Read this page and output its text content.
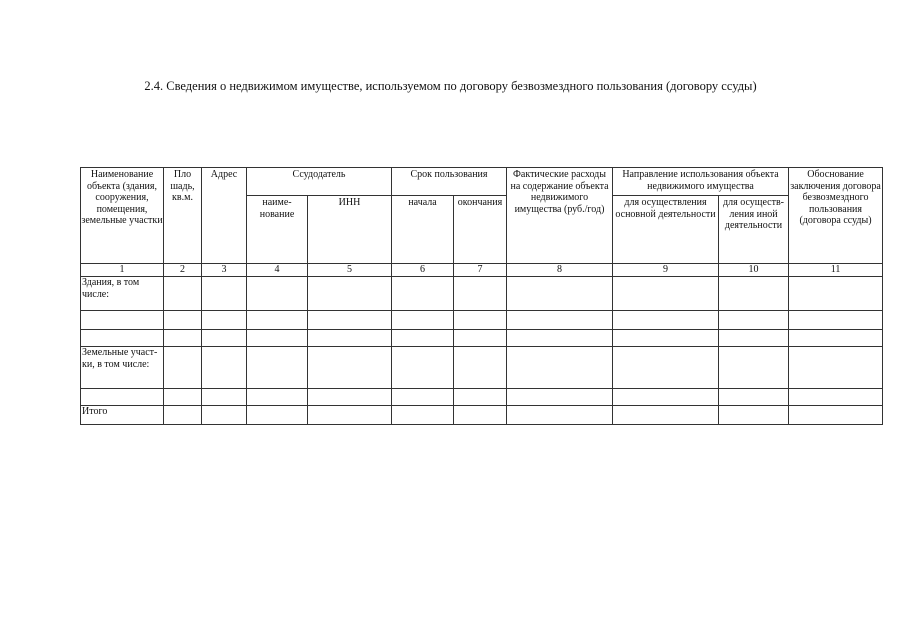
2.4. Сведения о недвижимом имуществе, используемом по договору безвозмездного пользования (договору ссуды)
Наименование объекта (здания, сооружения, помещения, земельные участки	Пло шадь, кв.м.	Адрес	Ссудодатель		Срок пользования		Фактические расходы на содержание объекта недвижимого имущества (руб./год)	Направление использования объекта недвижимого имущества		Обоснование заключения договора безвозмездного пользования (договора ссуды)
			наиме- нование	ИНН	начала	окончания		для осуществления основной деятельности	для осуществ- ления иной деятельности	
1	2	3	4	5	6	7	8	9	10	11
Здания, в том числе:										

Земельные участ- ки, в том числе:										

Итого										
